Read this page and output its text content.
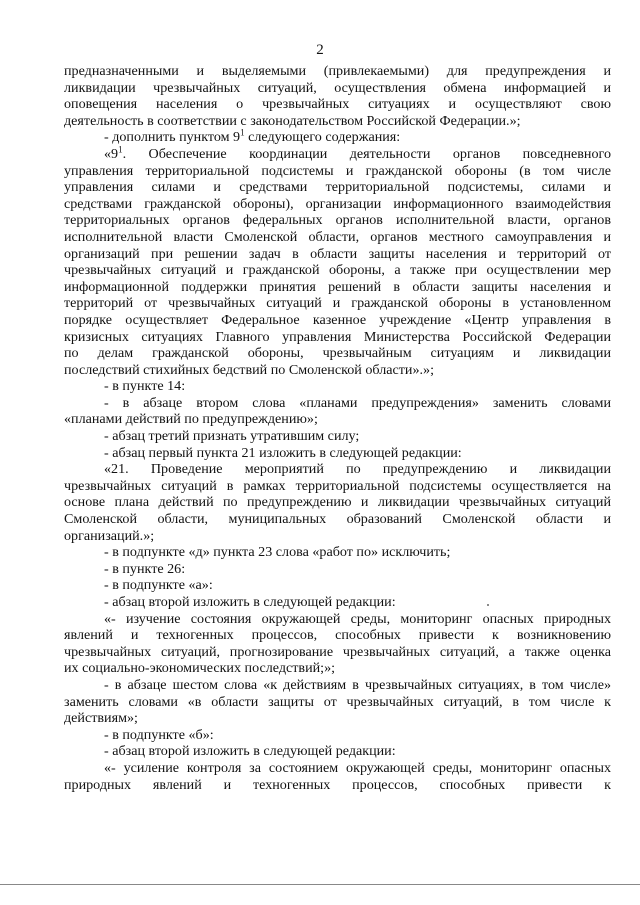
2
предназначенными и выделяемыми (привлекаемыми) для предупреждения и
ликвидации чрезвычайных ситуаций, осуществления обмена информацией и
оповещения населения о чрезвычайных ситуациях и осуществляют свою
деятельность в соответствии с законодательством Российской Федерации.»;
- дополнить пунктом $9^1$ следующего содержания:
«$9^1$. Обеспечение координации деятельности органов повседневного
управления территориальной подсистемы и гражданской обороны (в том числе
управления силами и средствами территориальной подсистемы, силами и
средствами гражданской обороны), организации информационного взаимодействия
территориальных органов федеральных органов исполнительной власти, органов
исполнительной власти Смоленской области, органов местного самоуправления и
организаций при решении задач в области защиты населения и территорий от
чрезвычайных ситуаций и гражданской обороны, а также при осуществлении мер
информационной поддержки принятия решений в области защиты населения и
территорий от чрезвычайных ситуаций и гражданской обороны в установленном
порядке осуществляет Федеральное казенное учреждение «Центр управления в
кризисных ситуациях Главного управления Министерства Российской Федерации
по делам гражданской обороны, чрезвычайным ситуациям и ликвидации
последствий стихийных бедствий по Смоленской области».»;
- в пункте 14:
- в абзаце втором слова «планами предупреждения» заменить словами
«планами действий по предупреждению»;
- абзац третий признать утратившим силу;
- абзац первый пункта 21 изложить в следующей редакции:
«21. Проведение мероприятий по предупреждению и ликвидации
чрезвычайных ситуаций в рамках территориальной подсистемы осуществляется на
основе плана действий по предупреждению и ликвидации чрезвычайных ситуаций
Смоленской области, муниципальных образований Смоленской области и
организаций.»;
- в подпункте «д» пункта 23 слова «работ по» исключить;
- в пункте 26:
- в подпункте «а»:
- абзац второй изложить в следующей редакции:
«- изучение состояния окружающей среды, мониторинг опасных природных
явлений и техногенных процессов, способных привести к возникновению
чрезвычайных ситуаций, прогнозирование чрезвычайных ситуаций, а также оценка
их социально-экономических последствий;»;
- в абзаце шестом слова «к действиям в чрезвычайных ситуациях, в том числе»
заменить словами «в области защиты от чрезвычайных ситуаций, в том числе к
действиям»;
- в подпункте «б»:
- абзац второй изложить в следующей редакции:
«- усиление контроля за состоянием окружающей среды, мониторинг опасных
природных явлений и техногенных процессов, способных привести к
